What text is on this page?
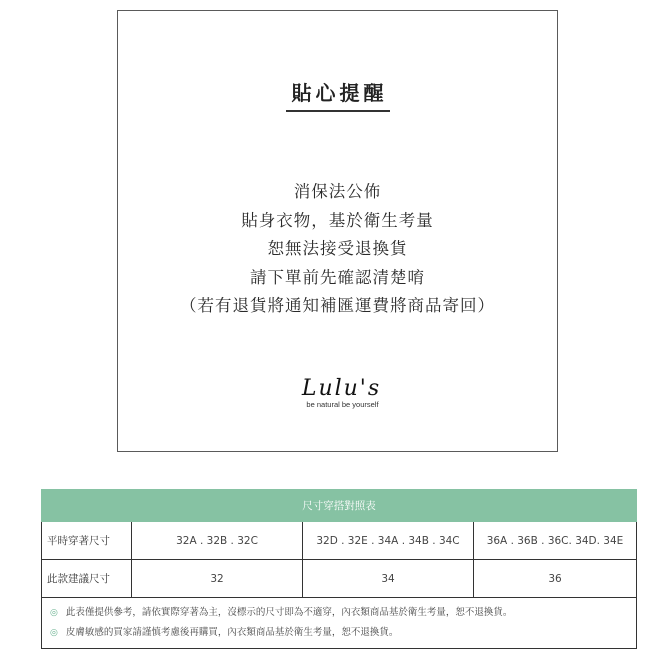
貼心提醒
消保法公佈
貼身衣物，基於衛生考量
恕無法接受退換貨
請下單前先確認清楚唷
（若有退貨將通知補匯運費將商品寄回）
Lulu's
be natural be yourself
尺寸穿搭對照表			
平時穿著尺寸	32A . 32B . 32C	32D . 32E . 34A . 34B . 34C	36A . 36B . 36C. 34D. 34E
此款建議尺寸	32	34	36

◎ 此表僅提供參考，請依實際穿著為主，沒標示的尺寸即為不適穿，內衣類商品基於衛生考量，恕不退換貨。
◎ 皮膚敏感的買家請謹慎考慮後再購買，內衣類商品基於衛生考量，恕不退換貨。			
